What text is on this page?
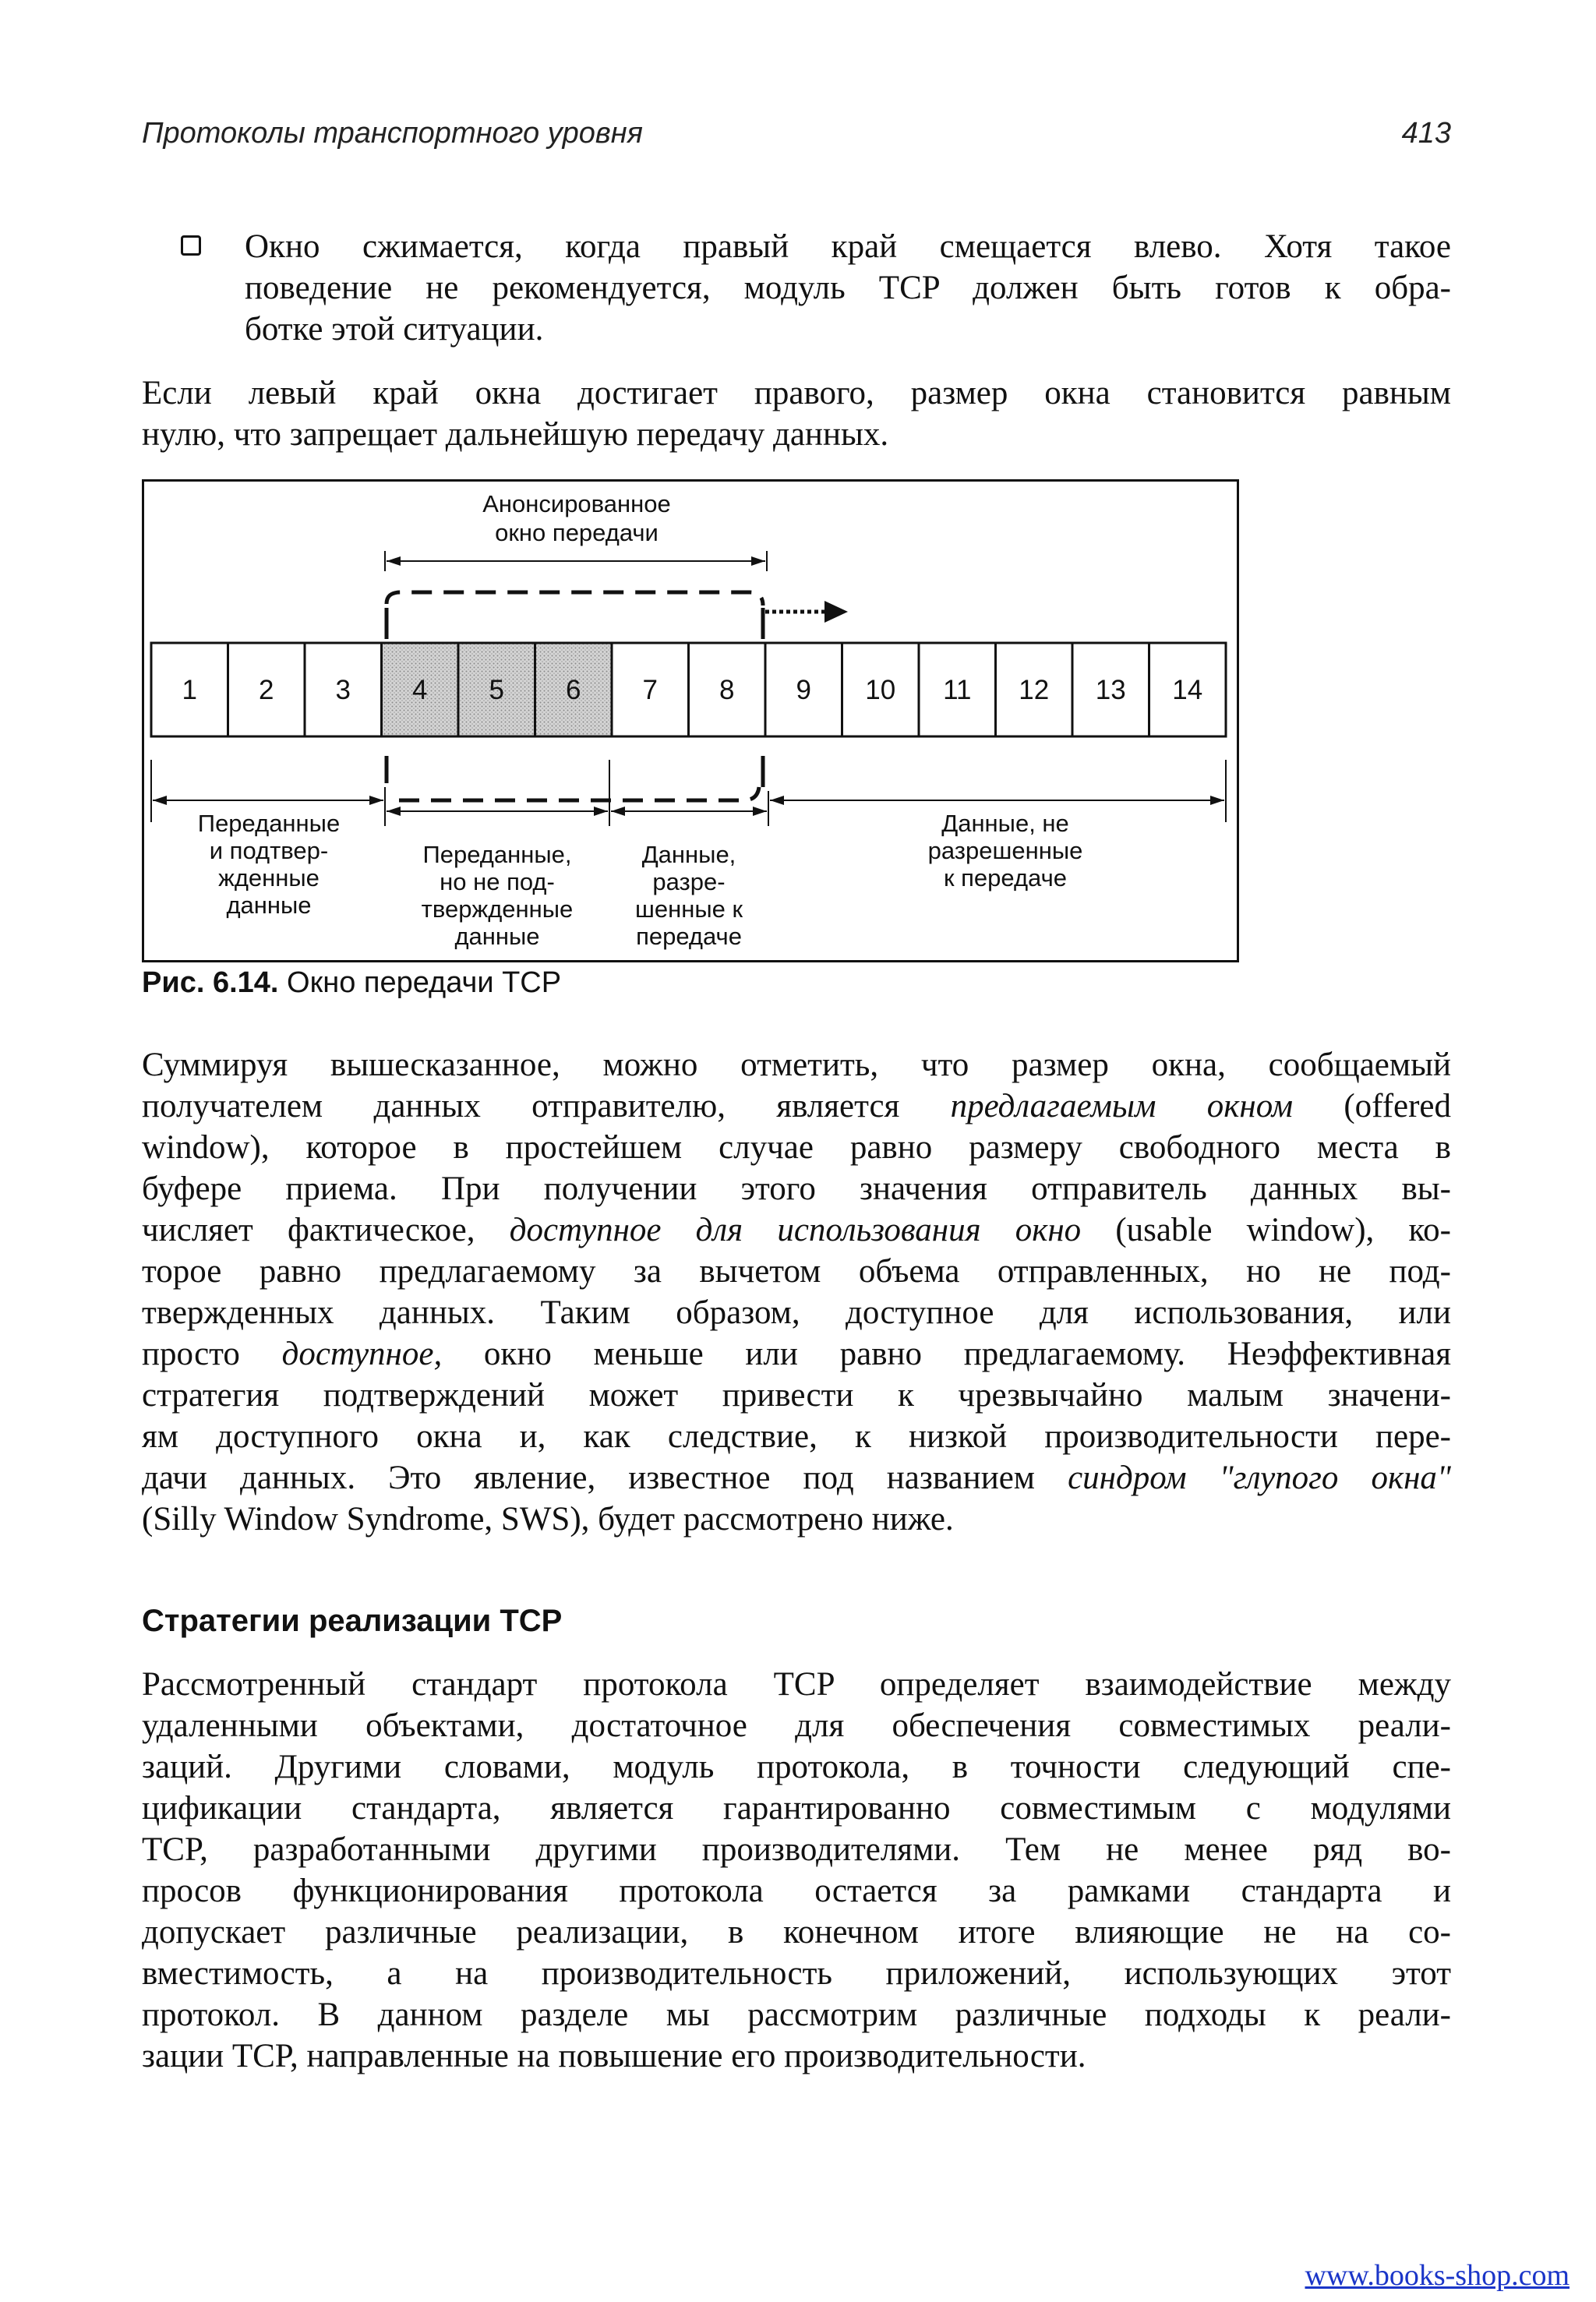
Протоколы транспортного уровня	413
Окно сжимается, когда правый край смещается влево. Хотя такое
поведение не рекомендуется, модуль TCP должен быть готов к обра-
ботке этой ситуации.
Если левый край окна достигает правого, размер окна становится равным
нулю, что запрещает дальнейшую передачу данных.
1 2 3 4 5 6 7 8 9 10 11 12 13 14
Анонсированное
окно передачи
Переданные
и подтвер-
жденные
данные
Переданные,
но не под-
твержденные
данные
Данные,
разре-
шенные к
передаче
Данные, не
разрешенные
к передаче
Рис. 6.14. Окно передачи TCP
Суммируя вышесказанное, можно отметить, что размер окна, сообщаемый
получателем данных отправителю, является предлагаемым окном (offered
window), которое в простейшем случае равно размеру свободного места в
буфере приема. При получении этого значения отправитель данных вы-
числяет фактическое, доступное для использования окно (usable window), ко-
торое равно предлагаемому за вычетом объема отправленных, но не под-
твержденных данных. Таким образом, доступное для использования, или
просто доступное, окно меньше или равно предлагаемому. Неэффективная
стратегия подтверждений может привести к чрезвычайно малым значени-
ям доступного окна и, как следствие, к низкой производительности пере-
дачи данных. Это явление, известное под названием синдром "глупого окна"
(Silly Window Syndrome, SWS), будет рассмотрено ниже.
Стратегии реализации TCP
Рассмотренный стандарт протокола TCP определяет взаимодействие между
удаленными объектами, достаточное для обеспечения совместимых реали-
заций. Другими словами, модуль протокола, в точности следующий спе-
цификации стандарта, является гарантированно совместимым с модулями
TCP, разработанными другими производителями. Тем не менее ряд во-
просов функционирования протокола остается за рамками стандарта и
допускает различные реализации, в конечном итоге влияющие не на со-
вместимость, а на производительность приложений, использующих этот
протокол. В данном разделе мы рассмотрим различные подходы к реали-
зации TCP, направленные на повышение его производительности.
www.books-shop.com
